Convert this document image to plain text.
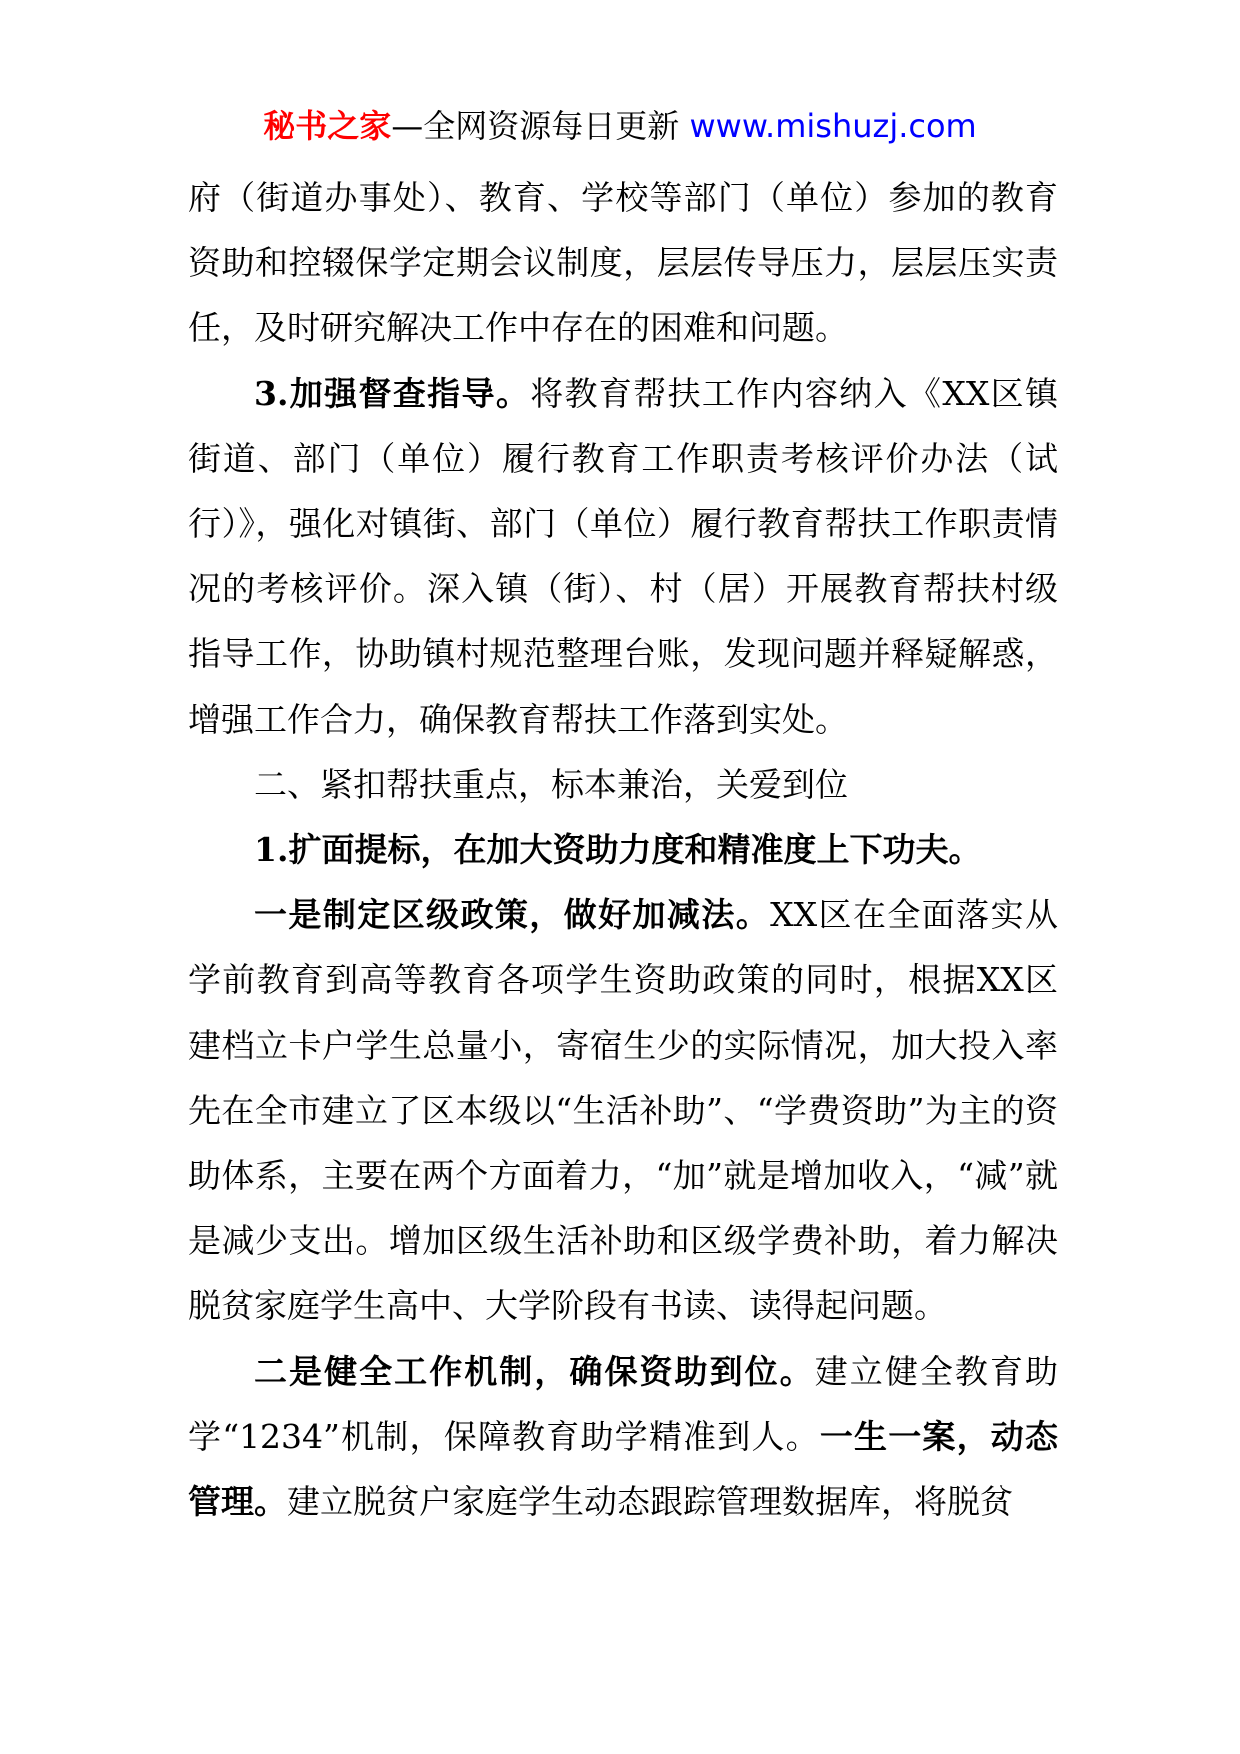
秘书之家—全网资源每日更新 www.mishuzj.com

府（街道办事处）、教育、学校等部门（单位）参加的教育资助和控辍保学定期会议制度，层层传导压力，层层压实责任，及时研究解决工作中存在的困难和问题。

3.加强督查指导。将教育帮扶工作内容纳入《XX区镇街道、部门（单位）履行教育工作职责考核评价办法（试行）》，强化对镇街、部门（单位）履行教育帮扶工作职责情况的考核评价。深入镇（街）、村（居）开展教育帮扶村级指导工作，协助镇村规范整理台账，发现问题并释疑解惑，增强工作合力，确保教育帮扶工作落到实处。

二、紧扣帮扶重点，标本兼治，关爱到位

1.扩面提标，在加大资助力度和精准度上下功夫。

一是制定区级政策，做好加减法。XX区在全面落实从学前教育到高等教育各项学生资助政策的同时，根据XX区建档立卡户学生总量小，寄宿生少的实际情况，加大投入率先在全市建立了区本级以“生活补助”、“学费资助”为主的资助体系，主要在两个方面着力，“加”就是增加收入，“减”就是减少支出。增加区级生活补助和区级学费补助，着力解决脱贫家庭学生高中、大学阶段有书读、读得起问题。

二是健全工作机制，确保资助到位。建立健全教育助学“1234”机制，保障教育助学精准到人。一生一案，动态管理。建立脱贫户家庭学生动态跟踪管理数据库，将脱贫
